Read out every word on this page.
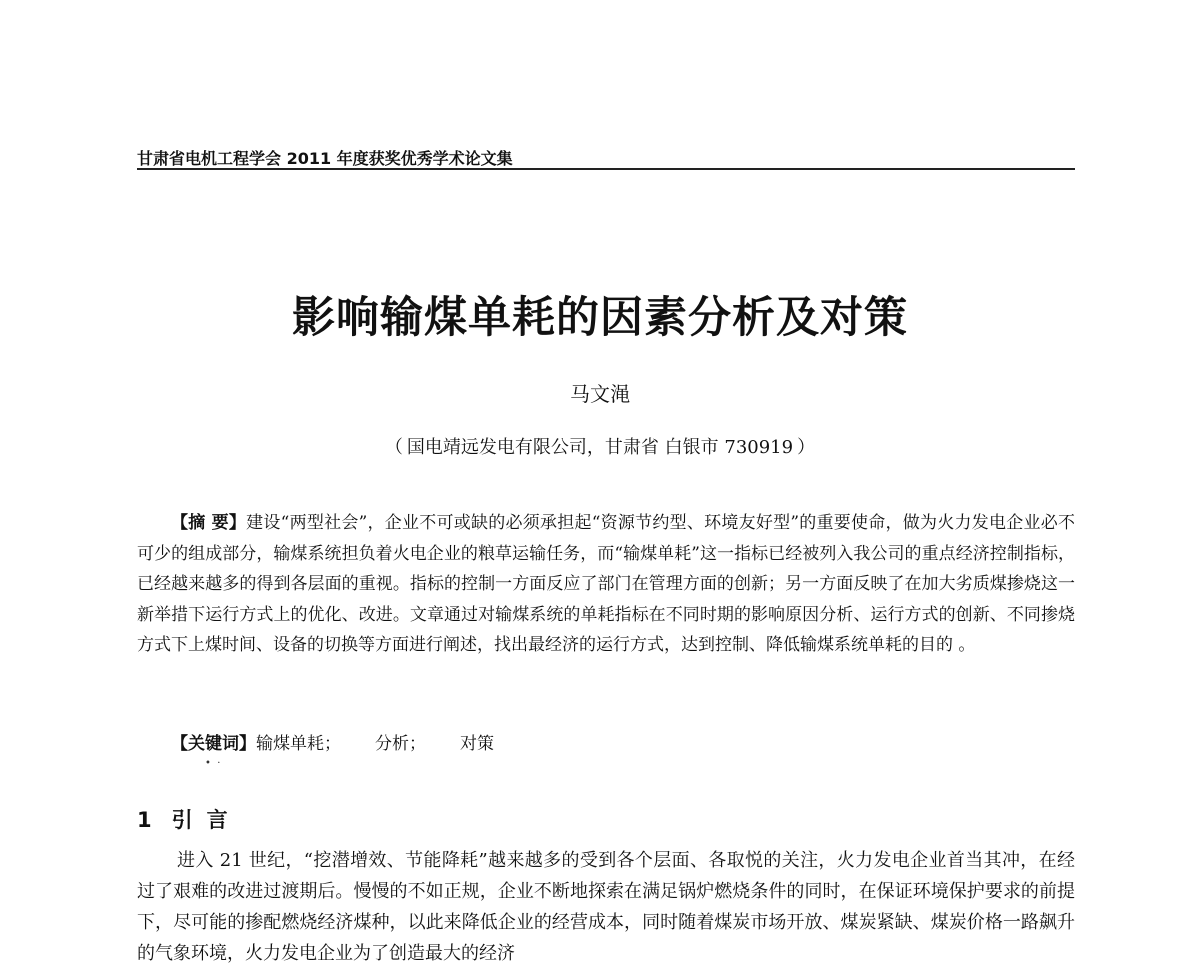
甘肃省电机工程学会 2011 年度获奖优秀学术论文集
影响输煤单耗的因素分析及对策
马文渑
（ 国电靖远发电有限公司，甘肃省 白银市 730919 ）
【摘 要】建设“两型社会”，企业不可或缺的必须承担起“资源节约型、环境友好型”的重要使命，做为火力发电企业必不可少的组成部分，输煤系统担负着火电企业的粮草运输任务，而“输煤单耗”这一指标已经被列入我公司的重点经济控制指标，已经越来越多的得到各层面的重视。指标的控制一方面反应了部门在管理方面的创新；另一方面反映了在加大劣质煤掺烧这一新举措下运行方式上的优化、改进。文章通过对输煤系统的单耗指标在不同时期的影响原因分析、运行方式的创新、不同掺烧方式下上煤时间、设备的切换等方面进行阐述，找出最经济的运行方式，达到控制、降低输煤系统单耗的目的 。
【关键词】输煤单耗； 分析； 对策
•  ·
1 引言
进入 21 世纪，“挖潜增效、节能降耗”越来越多的受到各个层面、各取悦的关注，火力发电企业首当其冲，在经过了艰难的改进过渡期后。慢慢的不如正规，企业不断地探索在满足锅炉燃烧条件的同时，在保证环境保护要求的前提下，尽可能的掺配燃烧经济煤种，以此来降低企业的经营成本，同时随着煤炭市场开放、煤炭紧缺、煤炭价格一路飙升的气象环境，火力发电企业为了创造最大的经济
